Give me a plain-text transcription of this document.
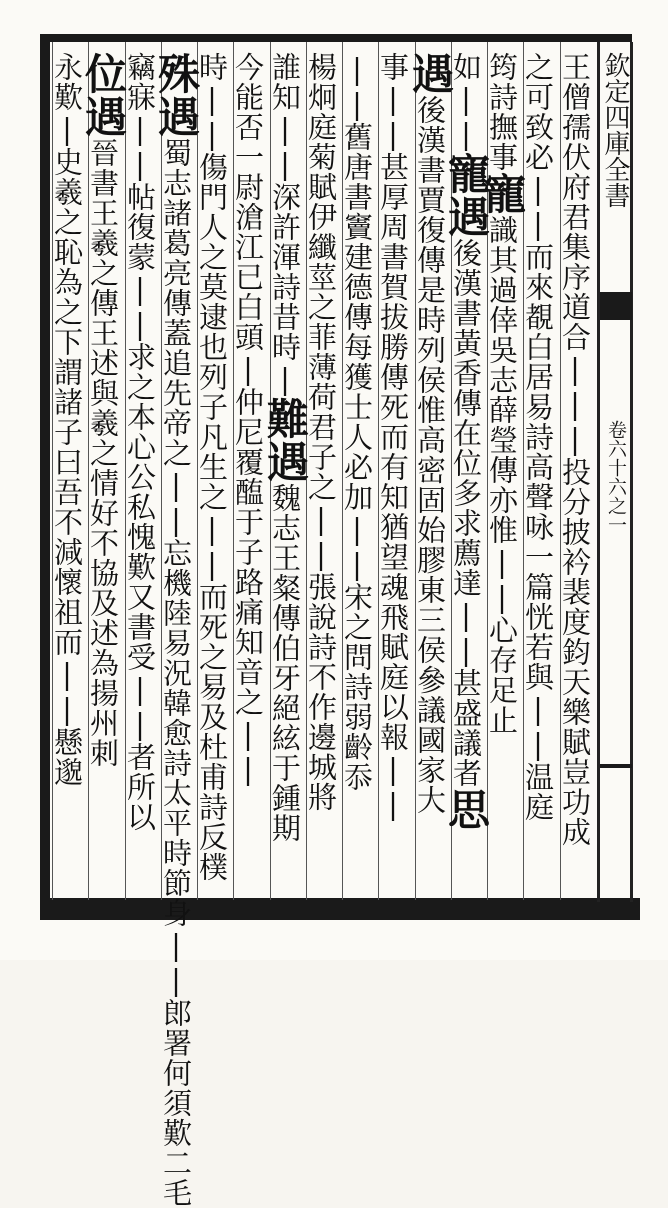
欽定四庫全書
卷六十六之一
王僧孺伏府君集序道合|||投分披衿裴度鈞天樂賦豈功成
之可致必||而來覩白居易詩高聲咏一篇恍若與||温庭
筠詩撫事寵識其過倖吳志薛瑩傳亦惟||心存足止
如||寵遇後漢書黃香傳在位多求薦達||甚盛議者思
遇後漢書賈復傳是時列侯惟高密固始膠東三侯參議國家大
事||甚厚周書賀拔勝傳死而有知猶望魂飛賦庭以報||
||舊唐書竇建德傳每獲士人必加||宋之問詩弱齡忝
楊炯庭菊賦伊纖莖之菲薄荷君子之||張說詩不作邊城將
誰知||深許渾詩昔時|難遇魏志王粲傳伯牙絕絃于鍾期
今能否一尉滄江已白頭|仲尼覆醢于子路痛知音之||
時||傷門人之莫逮也列子凡生之||而死之易及杜甫詩反樸
殊遇蜀志諸葛亮傳蓋追先帝之||忘機陸易況韓愈詩太平時節身||郎署何須歎二毛
竊寐||帖復蒙||求之本心公私愧歎又書受||者所以
位遇晉書王羲之傳王述與羲之情好不協及述為揚州刺
永歎|史羲之恥為之下謂諸子曰吾不減懷祖而||懸邈
